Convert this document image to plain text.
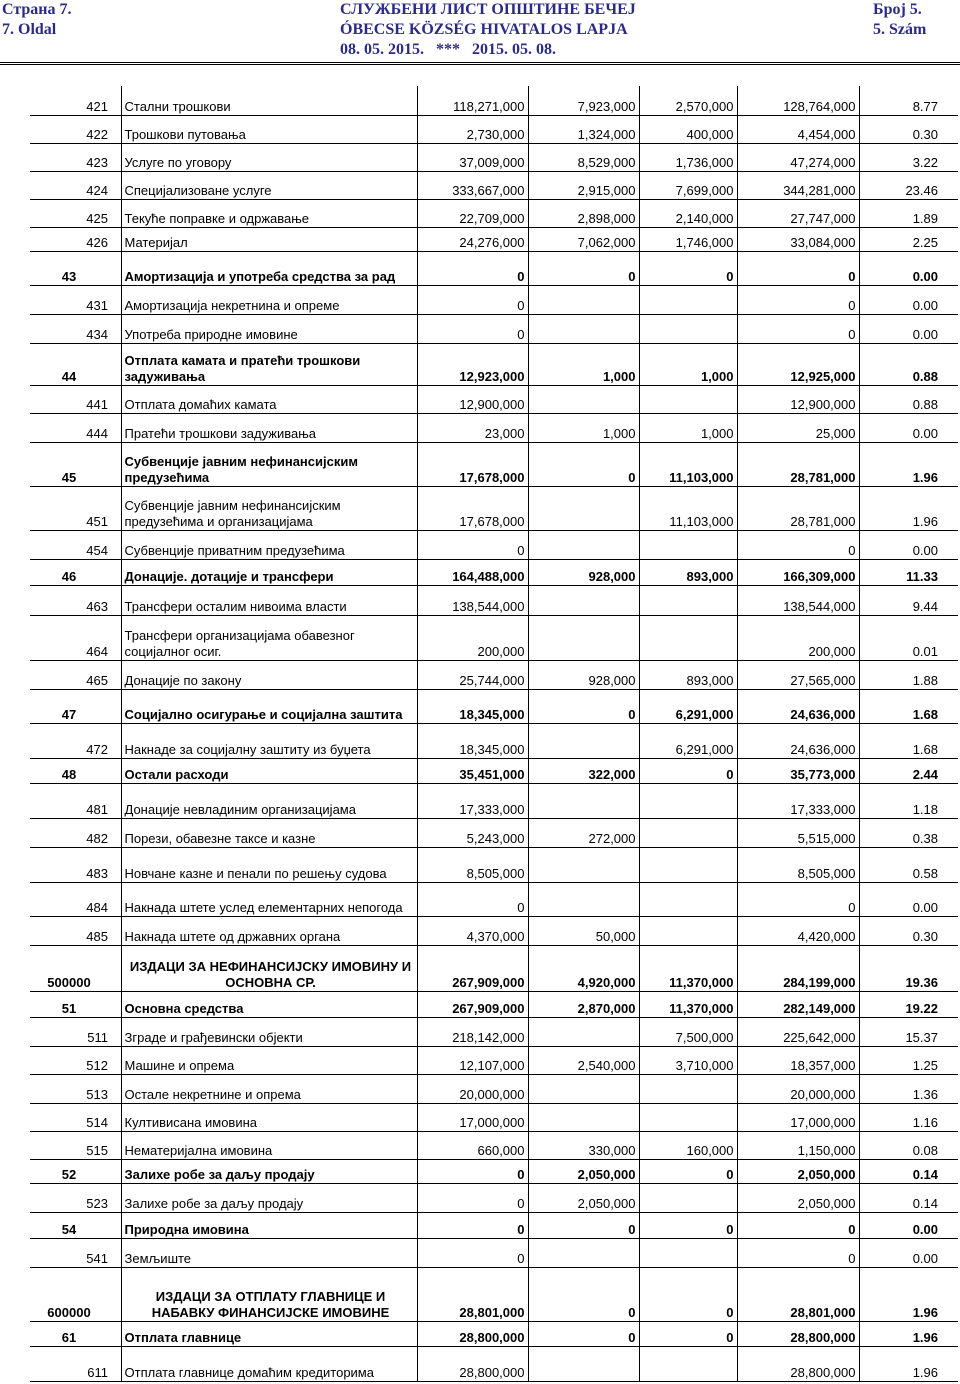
Страна 7.
7. Oldal
СЛУЖБЕНИ ЛИСТ ОПШТИНЕ БЕЧЕЈ
ÓBECSE KÖZSÉG HIVATALOS LAPJA
08. 05. 2015.   ***   2015. 05. 08.
Број 5.
5. Szám
421		Стални трошкови	118,271,000	7,923,000	2,570,000	128,764,000	8.77
422		Трошкови путовања	2,730,000	1,324,000	400,000	4,454,000	0.30
423		Услуге по уговору	37,009,000	8,529,000	1,736,000	47,274,000	3.22
424		Специјализоване услуге	333,667,000	2,915,000	7,699,000	344,281,000	23.46
425		Текуће поправке и одржавање	22,709,000	2,898,000	2,140,000	27,747,000	1.89
426		Материјал	24,276,000	7,062,000	1,746,000	33,084,000	2.25
43		Амортизација и употреба средства за рад	0	0	0	0	0.00
431		Амортизација некретнина и опреме	0			0	0.00
434		Употреба природне имовине	0			0	0.00
44		Отплата камата и пратећи трошкови задуживања	12,923,000	1,000	1,000	12,925,000	0.88
441		Отплата домаћих камата	12,900,000			12,900,000	0.88
444		Пратећи трошкови задуживања	23,000	1,000	1,000	25,000	0.00
45		Субвенције јавним нефинансијским предузећима	17,678,000	0	11,103,000	28,781,000	1.96
451		Субвенције јавним нефинансијским предузећима и организацијама	17,678,000		11,103,000	28,781,000	1.96
454		Субвенције приватним предузећима	0			0	0.00
46		Донације. дотације и трансфери	164,488,000	928,000	893,000	166,309,000	11.33
463		Трансфери осталим нивоима власти	138,544,000			138,544,000	9.44
464		Трансфери организацијама обавезног социјалног осиг.	200,000			200,000	0.01
465		Донације по закону	25,744,000	928,000	893,000	27,565,000	1.88
47		Социјално осигурање и социјална заштита	18,345,000	0	6,291,000	24,636,000	1.68
472		Накнаде за социјалну заштиту из буџета	18,345,000		6,291,000	24,636,000	1.68
48		Остали расходи	35,451,000	322,000	0	35,773,000	2.44
481		Донације невладиним организацијама	17,333,000			17,333,000	1.18
482		Порези, обавезне таксе и казне	5,243,000	272,000		5,515,000	0.38
483		Новчане казне и пенали по решењу судова	8,505,000			8,505,000	0.58
484		Накнада штете услед елементарних непогода	0			0	0.00
485		Накнада штете од државних органа	4,370,000	50,000		4,420,000	0.30
500000		ИЗДАЦИ ЗА НЕФИНАНСИЈСКУ ИМОВИНУ И ОСНОВНА СР.	267,909,000	4,920,000	11,370,000	284,199,000	19.36
51		Основна средства	267,909,000	2,870,000	11,370,000	282,149,000	19.22
511		Зграде и грађевински објекти	218,142,000		7,500,000	225,642,000	15.37
512		Машине и опрема	12,107,000	2,540,000	3,710,000	18,357,000	1.25
513		Остале некретнине и опрема	20,000,000			20,000,000	1.36
514		Култивисана имовина	17,000,000			17,000,000	1.16
515		Нематеријална имовина	660,000	330,000	160,000	1,150,000	0.08
52		Залихе робе за даљу продају	0	2,050,000	0	2,050,000	0.14
523		Залихе робе за даљу продају	0	2,050,000		2,050,000	0.14
54		Природна имовина	0	0	0	0	0.00
541		Земљиште	0			0	0.00
600000		ИЗДАЦИ ЗА ОТПЛАТУ ГЛАВНИЦЕ И НАБАВКУ ФИНАНСИЈСКЕ ИМОВИНЕ	28,801,000	0	0	28,801,000	1.96
61		Отплата главнице	28,800,000	0	0	28,800,000	1.96
611		Отплата главнице домаћим кредиторима	28,800,000			28,800,000	1.96
